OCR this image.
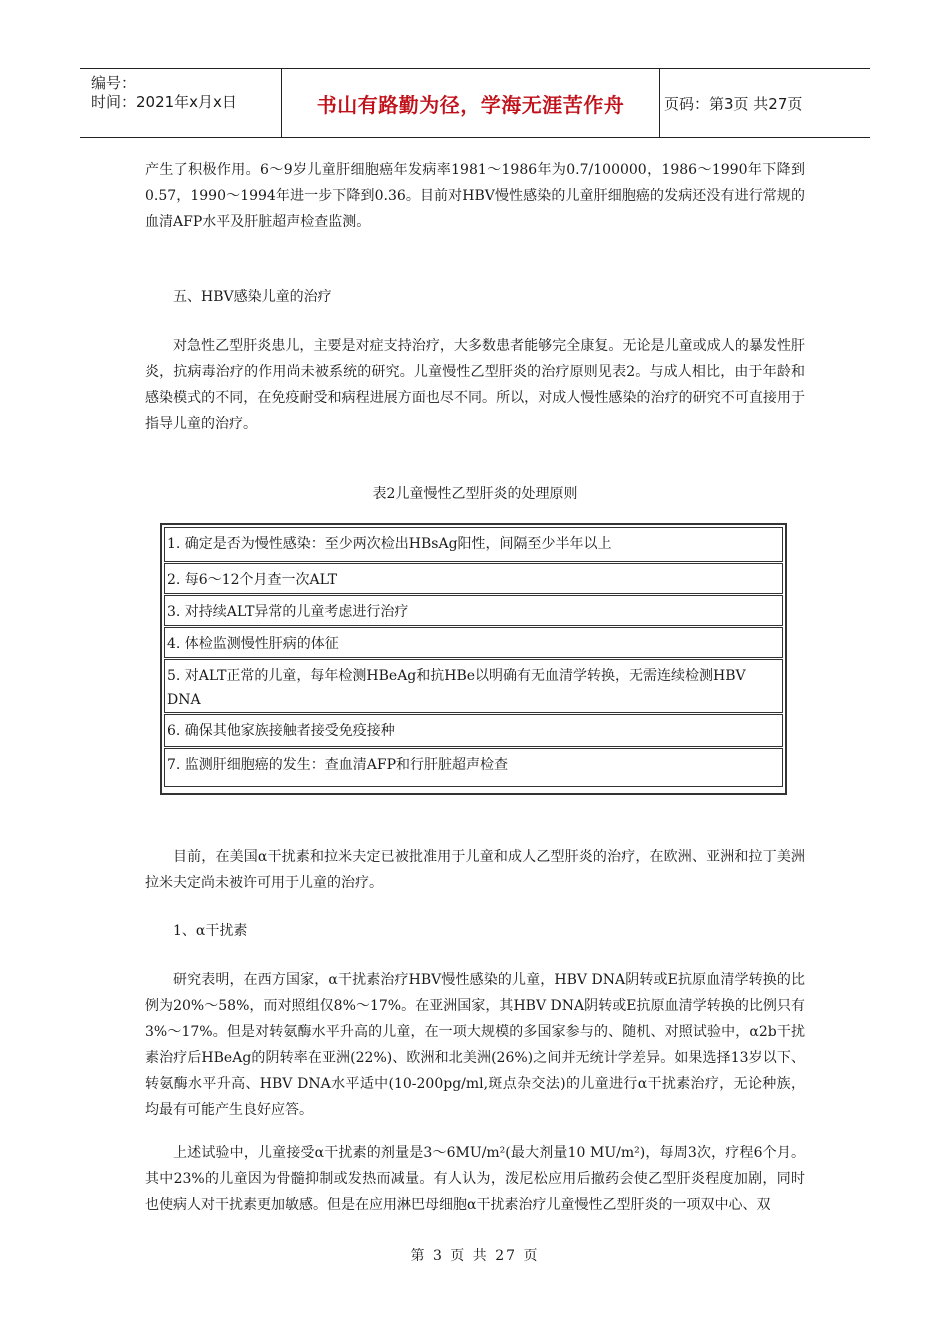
编号：
时间：2021年x月x日	书山有路勤为径，学海无涯苦作舟	页码：第3页 共27页
产生了积极作用。6～9岁儿童肝细胞癌年发病率1981～1986年为0.7/100000，1986～1990年下降到0.57，1990～1994年进一步下降到0.36。目前对HBV慢性感染的儿童肝细胞癌的发病还没有进行常规的血清AFP水平及肝脏超声检查监测。
五、HBV感染儿童的治疗
对急性乙型肝炎患儿，主要是对症支持治疗，大多数患者能够完全康复。无论是儿童或成人的暴发性肝炎，抗病毒治疗的作用尚未被系统的研究。儿童慢性乙型肝炎的治疗原则见表2。与成人相比，由于年龄和感染模式的不同，在免疫耐受和病程进展方面也尽不同。所以，对成人慢性感染的治疗的研究不可直接用于指导儿童的治疗。
表2儿童慢性乙型肝炎的处理原则
1. 确定是否为慢性感染：至少两次检出HBsAg阳性，间隔至少半年以上
2. 每6～12个月查一次ALT
3. 对持续ALT异常的儿童考虑进行治疗
4. 体检监测慢性肝病的体征
5. 对ALT正常的儿童，每年检测HBeAg和抗HBe以明确有无血清学转换，无需连续检测HBV DNA
6. 确保其他家族接触者接受免疫接种
7. 监测肝细胞癌的发生：查血清AFP和行肝脏超声检查
目前，在美国α干扰素和拉米夫定已被批准用于儿童和成人乙型肝炎的治疗，在欧洲、亚洲和拉丁美洲拉米夫定尚未被许可用于儿童的治疗。
1、α干扰素
研究表明，在西方国家，α干扰素治疗HBV慢性感染的儿童，HBV DNA阴转或E抗原血清学转换的比例为20%～58%，而对照组仅8%～17%。在亚洲国家，其HBV DNA阴转或E抗原血清学转换的比例只有3%～17%。但是对转氨酶水平升高的儿童，在一项大规模的多国家参与的、随机、对照试验中，α2b干扰素治疗后HBeAg的阴转率在亚洲(22%)、欧洲和北美洲(26%)之间并无统计学差异。如果选择13岁以下、转氨酶水平升高、HBV DNA水平适中(10-200pg/ml,斑点杂交法)的儿童进行α干扰素治疗，无论种族，均最有可能产生良好应答。
上述试验中，儿童接受α干扰素的剂量是3～6MU/m²(最大剂量10 MU/m²)，每周3次，疗程6个月。其中23%的儿童因为骨髓抑制或发热而减量。有人认为，泼尼松应用后撤药会使乙型肝炎程度加剧，同时也使病人对干扰素更加敏感。但是在应用淋巴母细胞α干扰素治疗儿童慢性乙型肝炎的一项双中心、双
第 3 页 共 27 页
